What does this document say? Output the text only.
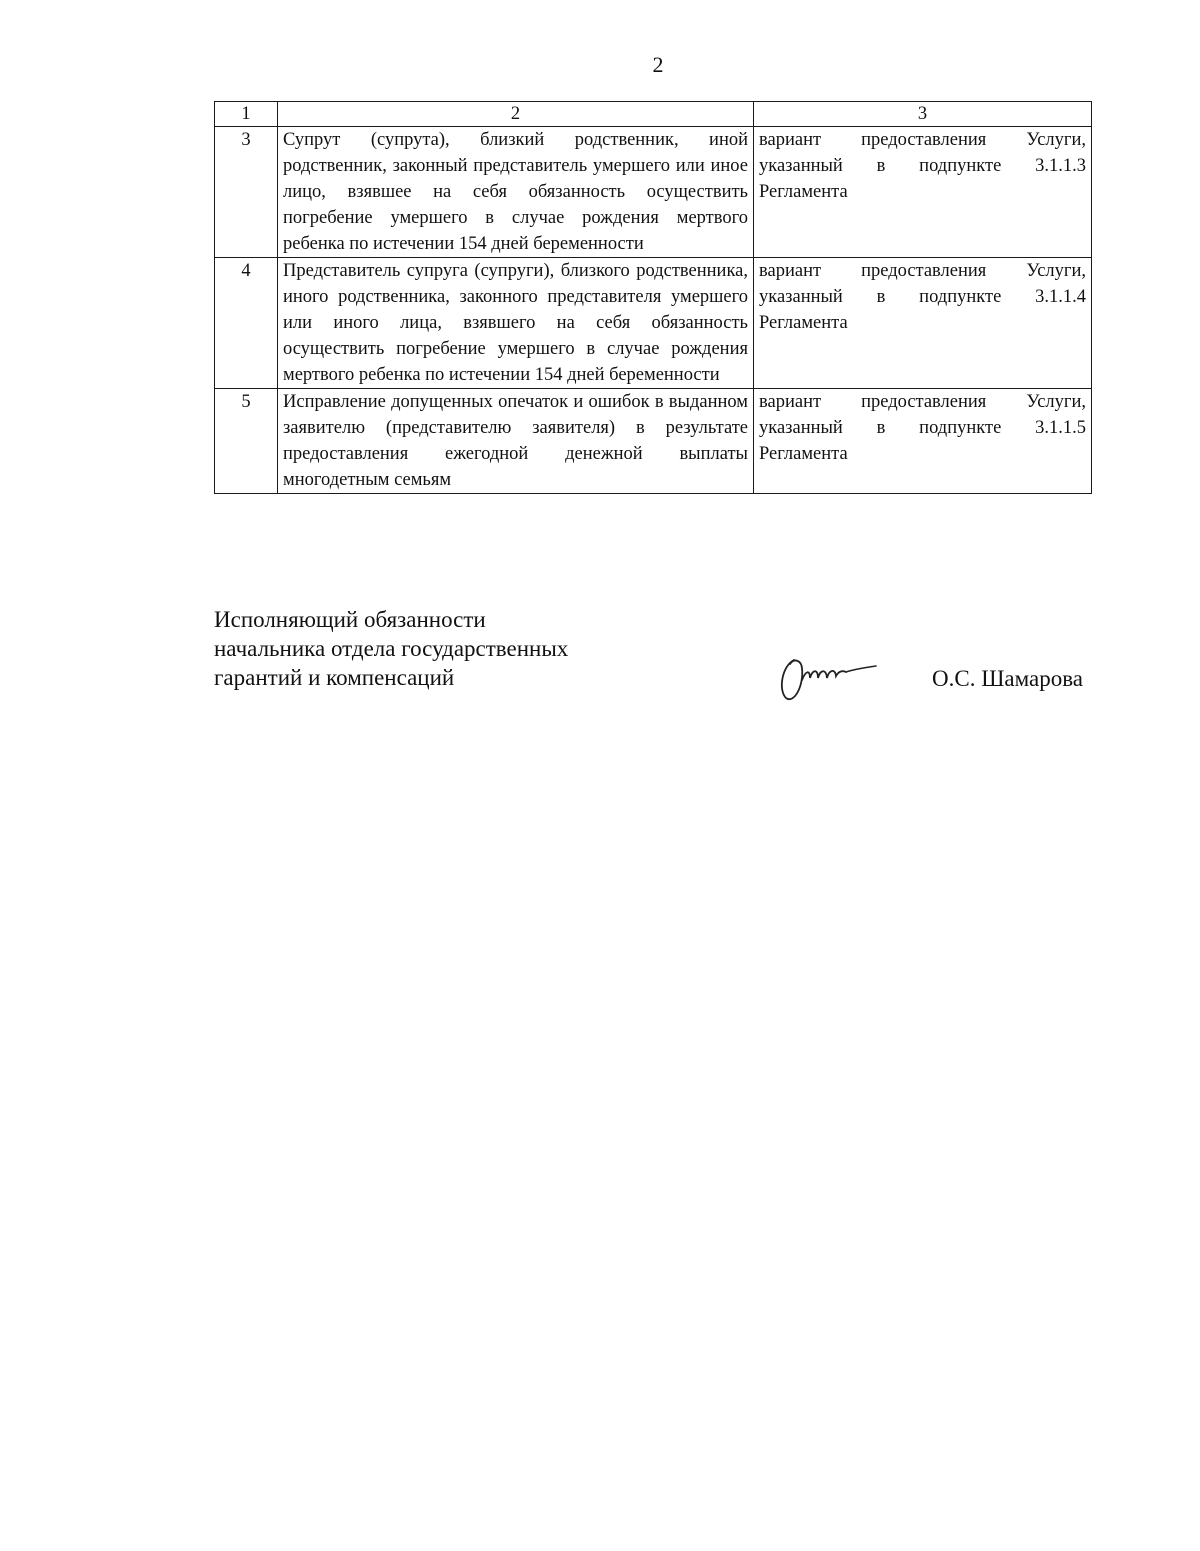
2
1	2	3
3	Супрут (супрута), близкий родственник, иной родственник, законный представитель умершего или иное лицо, взявшее на себя обязанность осуществить погребение умершего в случае рождения мертвого ребенка по истечении 154 дней беременности	вариант предоставления Услуги, указанный в подпункте 3.1.1.3 Регламента
4	Представитель супруга (супруги), близкого родственника, иного родственника, законного представителя умершего или иного лица, взявшего на себя обязанность осуществить погребение умершего в случае рождения мертвого ребенка по истечении 154 дней беременности	вариант предоставления Услуги, указанный в подпункте 3.1.1.4 Регламента
5	Исправление допущенных опечаток и ошибок в выданном заявителю (представителю заявителя) в результате предоставления ежегодной денежной выплаты многодетным семьям	вариант предоставления Услуги, указанный в подпункте 3.1.1.5 Регламента
Исполняющий обязанности
начальника отдела государственных
гарантий и компенсаций	О.С. Шамарова
